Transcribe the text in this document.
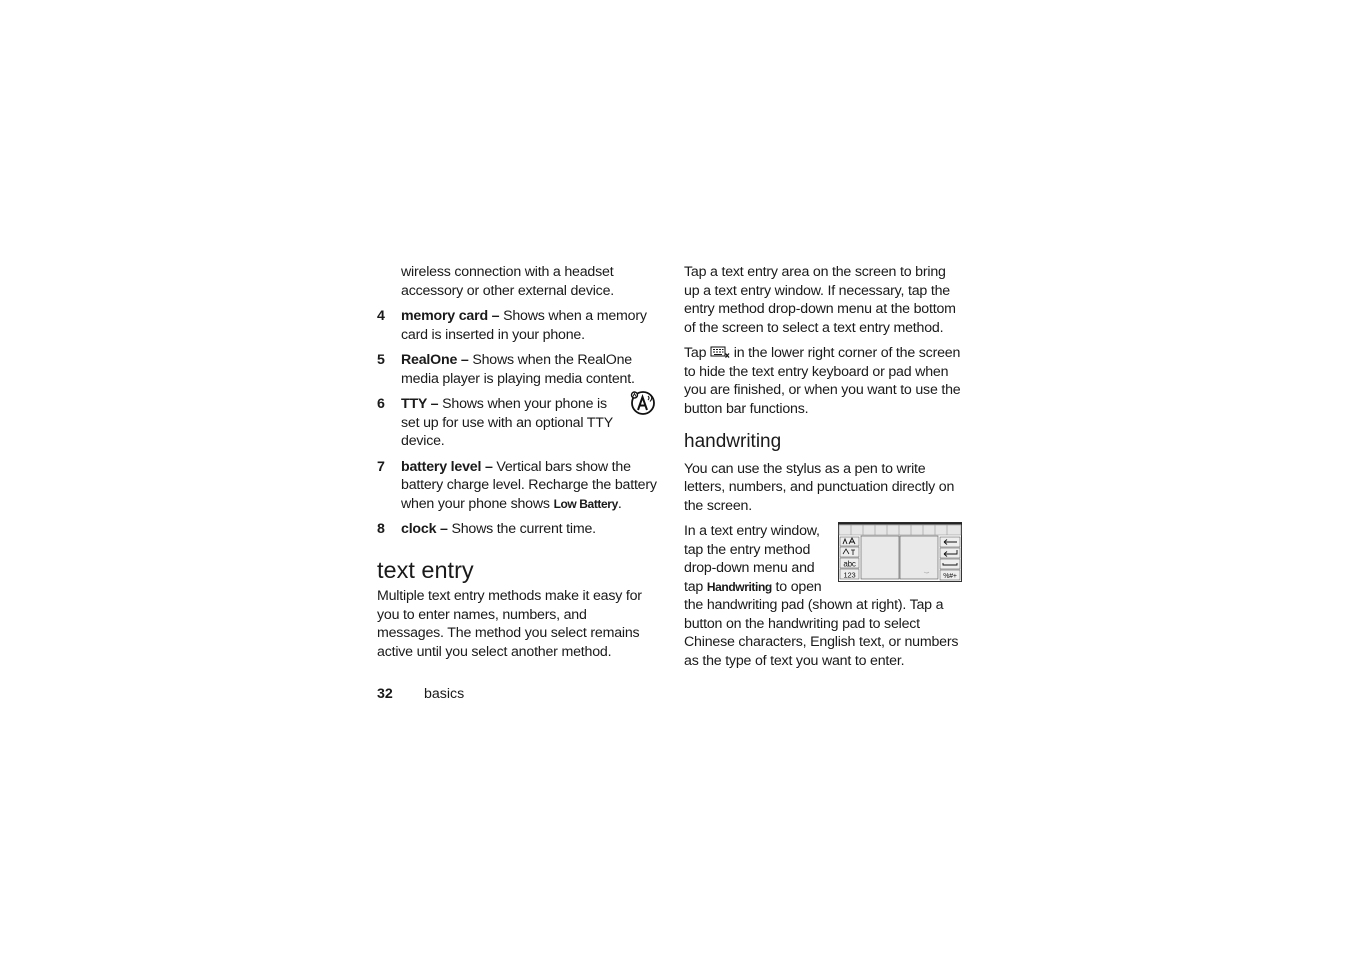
wireless connection with a headset accessory or other external device.

4 memory card – Shows when a memory card is inserted in your phone.
5 RealOne – Shows when the RealOne media player is playing media content.
6 TTY – Shows when your phone is set up for use with an optional TTY device.
7 battery level – Vertical bars show the battery charge level. Recharge the battery when your phone shows Low Battery.
8 clock – Shows the current time.
text entry

Multiple text entry methods make it easy for you to enter names, numbers, and messages. The method you select remains active until you select another method.

Tap a text entry area on the screen to bring up a text entry window. If necessary, tap the entry method drop-down menu at the bottom of the screen to select a text entry method.

Tap  in the lower right corner of the screen to hide the text entry keyboard or pad when you are finished, or when you want to use the button bar functions.

handwriting

You can use the stylus as a pen to write letters, numbers, and punctuation directly on the screen.

abc
123	%#+
In a text entry window, tap the entry method drop-down menu and tap Handwriting to open the handwriting pad (shown at right). Tap a button on the handwriting pad to select Chinese characters, English text, or numbers as the type of text you want to enter.
32 basics
